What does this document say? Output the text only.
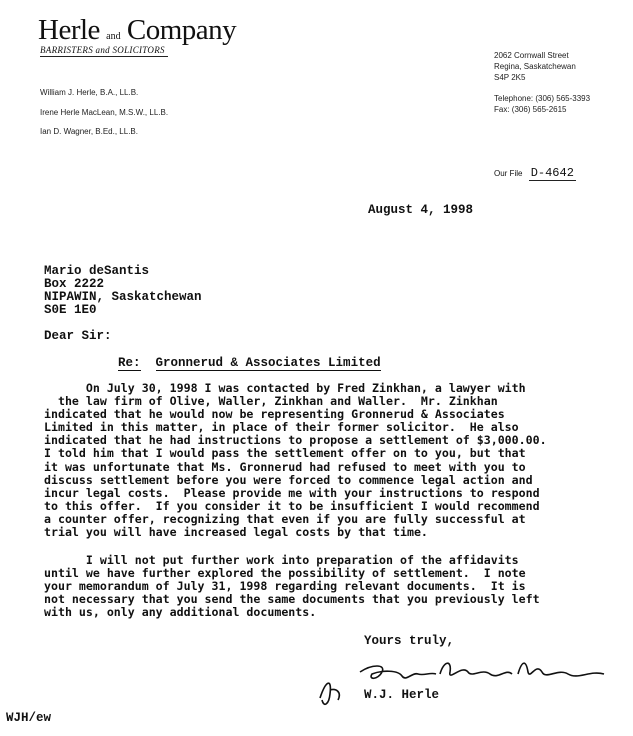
Herle and Company
BARRISTERS and SOLICITORS
William J. Herle, B.A., LL.B.
Irene Herle MacLean, M.S.W., LL.B.
Ian D. Wagner, B.Ed., LL.B.
2062 Cornwall Street
Regina, Saskatchewan
S4P 2K5
Telephone: (306) 565-3393
Fax: (306) 565-2615
Our File D-4642
August 4, 1998
Mario deSantis
Box 2222
NIPAWIN, Saskatchewan
S0E 1E0
Dear Sir:
Re: Gronnerud & Associates Limited
On July 30, 1998 I was contacted by Fred Zinkhan, a lawyer with
the law firm of Olive, Waller, Zinkhan and Waller.  Mr. Zinkhan
indicated that he would now be representing Gronnerud & Associates
Limited in this matter, in place of their former solicitor.  He also
indicated that he had instructions to propose a settlement of $3,000.00.
I told him that I would pass the settlement offer on to you, but that
it was unfortunate that Ms. Gronnerud had refused to meet with you to
discuss settlement before you were forced to commence legal action and
incur legal costs.  Please provide me with your instructions to respond
to this offer.  If you consider it to be insufficient I would recommend
a counter offer, recognizing that even if you are fully successful at
trial you will have increased legal costs by that time.
I will not put further work into preparation of the affidavits
until we have further explored the possibility of settlement.  I note
your memorandum of July 31, 1998 regarding relevant documents.  It is
not necessary that you send the same documents that you previously left
with us, only any additional documents.
Yours truly,
W.J. Herle
WJH/ew
